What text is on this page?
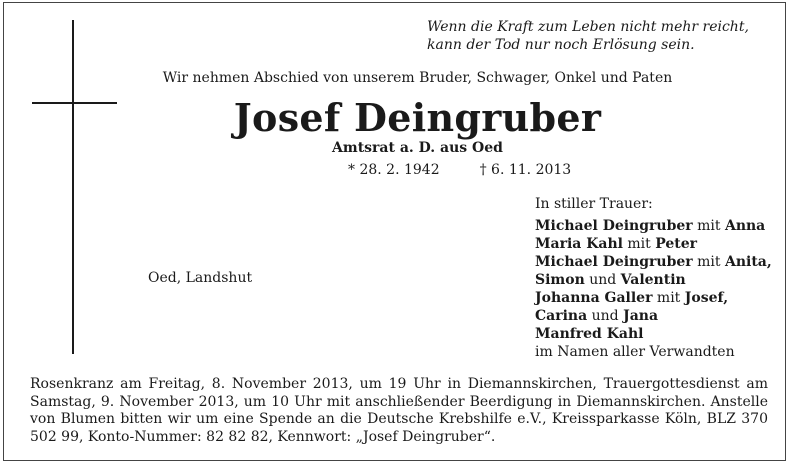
Wenn die Kraft zum Leben nicht mehr reicht,
kann der Tod nur noch Erlösung sein.
Wir nehmen Abschied von unserem Bruder, Schwager, Onkel und Paten
Josef Deingruber
Amtsrat a. D. aus Oed
* 28. 2. 1942	† 6. 11. 2013
Oed, Landshut
In stiller Trauer:
Michael Deingruber mit Anna
Maria Kahl mit Peter
Michael Deingruber mit Anita,
Simon und Valentin
Johanna Galler mit Josef,
Carina und Jana
Manfred Kahl
im Namen aller Verwandten
Rosenkranz am Freitag, 8. November 2013, um 19 Uhr in Diemannskirchen, Trauergottesdienst am Samstag, 9. November 2013, um 10 Uhr mit anschließender Beerdigung in Diemannskirchen. Anstelle von Blumen bitten wir um eine Spende an die Deutsche Krebshilfe e.V., Kreissparkasse Köln, BLZ 370 502 99, Konto-Nummer: 82 82 82, Kennwort: „Josef Deingruber“.
